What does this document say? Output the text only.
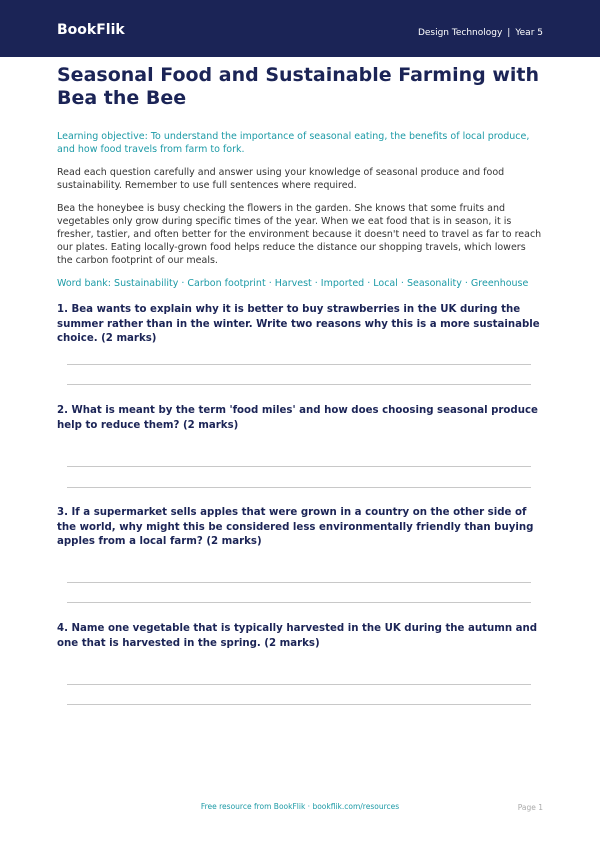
BookFlik	Design Technology | Year 5
Seasonal Food and Sustainable Farming with Bea the Bee

Learning objective: To understand the importance of seasonal eating, the benefits of local produce, and how food travels from farm to fork.

Read each question carefully and answer using your knowledge of seasonal produce and food sustainability. Remember to use full sentences where required.

Bea the honeybee is busy checking the flowers in the garden. She knows that some fruits and vegetables only grow during specific times of the year. When we eat food that is in season, it is fresher, tastier, and often better for the environment because it doesn't need to travel as far to reach our plates. Eating locally-grown food helps reduce the distance our shopping travels, which lowers the carbon footprint of our meals.

Word bank: Sustainability · Carbon footprint · Harvest · Imported · Local · Seasonality · Greenhouse

1. Bea wants to explain why it is better to buy strawberries in the UK during the summer rather than in the winter. Write two reasons why this is a more sustainable choice. (2 marks)

2. What is meant by the term 'food miles' and how does choosing seasonal produce help to reduce them? (2 marks)

3. If a supermarket sells apples that were grown in a country on the other side of the world, why might this be considered less environmentally friendly than buying apples from a local farm? (2 marks)

4. Name one vegetable that is typically harvested in the UK during the autumn and one that is harvested in the spring. (2 marks)

Free resource from BookFlik · bookflik.com/resources	Page 1
